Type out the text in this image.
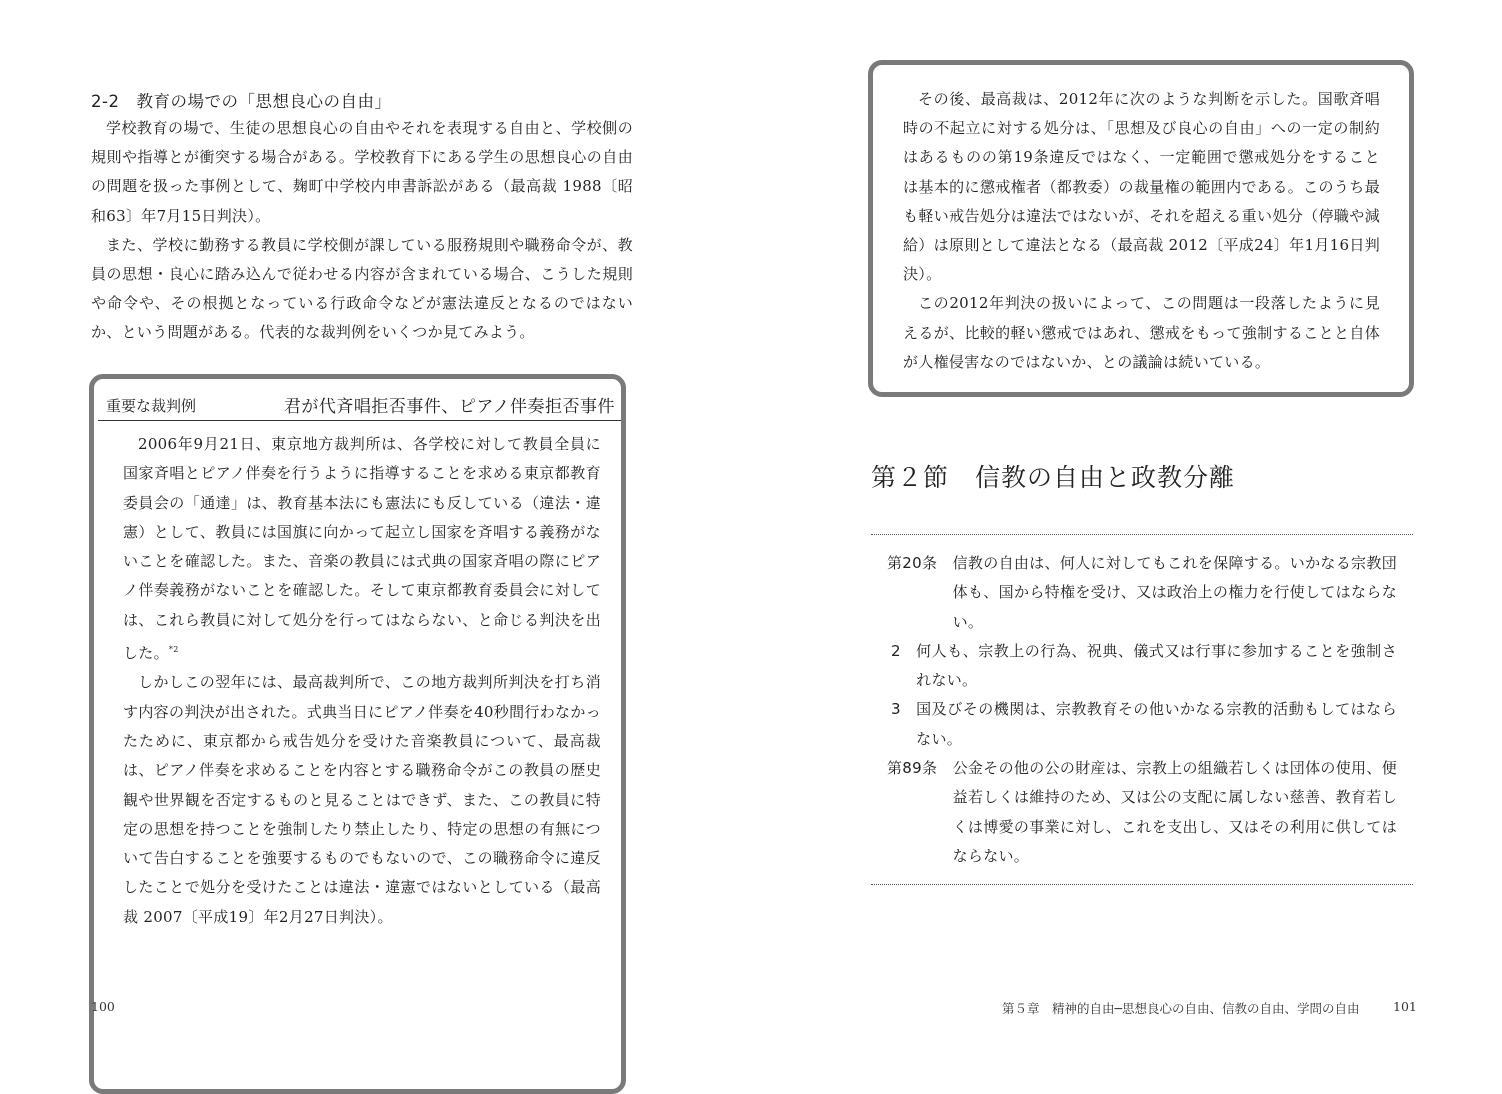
2-2　教育の場での「思想良心の自由」

学校教育の場で、生徒の思想良心の自由やそれを表現する自由と、学校側の規則や指導とが衝突する場合がある。学校教育下にある学生の思想良心の自由の問題を扱った事例として、麹町中学校内申書訴訟がある（最高裁 1988〔昭和63〕年7月15日判決）。

また、学校に勤務する教員に学校側が課している服務規則や職務命令が、教員の思想・良心に踏み込んで従わせる内容が含まれている場合、こうした規則や命令や、その根拠となっている行政命令などが憲法違反となるのではないか、という問題がある。代表的な裁判例をいくつか見てみよう。

重要な裁判例	君が代斉唱拒否事件、ピアノ伴奏拒否事件

2006年9月21日、東京地方裁判所は、各学校に対して教員全員に国家斉唱とピアノ伴奏を行うように指導することを求める東京都教育委員会の「通達」は、教育基本法にも憲法にも反している（違法・違憲）として、教員には国旗に向かって起立し国家を斉唱する義務がないことを確認した。また、音楽の教員には式典の国家斉唱の際にピアノ伴奏義務がないことを確認した。そして東京都教育委員会に対しては、これら教員に対して処分を行ってはならない、と命じる判決を出した。$^{*2}$

しかしこの翌年には、最高裁判所で、この地方裁判所判決を打ち消す内容の判決が出された。式典当日にピアノ伴奏を40秒間行わなかったために、東京都から戒告処分を受けた音楽教員について、最高裁は、ピアノ伴奏を求めることを内容とする職務命令がこの教員の歴史観や世界観を否定するものと見ることはできず、また、この教員に特定の思想を持つことを強制したり禁止したり、特定の思想の有無について告白することを強要するものでもないので、この職務命令に違反したことで処分を受けたことは違法・違憲ではないとしている（最高裁 2007〔平成19〕年2月27日判決）。

100

その後、最高裁は、2012年に次のような判断を示した。国歌斉唱時の不起立に対する処分は、「思想及び良心の自由」への一定の制約はあるものの第19条違反ではなく、一定範囲で懲戒処分をすることは基本的に懲戒権者（都教委）の裁量権の範囲内である。このうち最も軽い戒告処分は違法ではないが、それを超える重い処分（停職や減給）は原則として違法となる（最高裁 2012〔平成24〕年1月16日判決）。

この2012年判決の扱いによって、この問題は一段落したように見えるが、比較的軽い懲戒ではあれ、懲戒をもって強制することと自体が人権侵害なのではないか、との議論は続いている。

第２節　信教の自由と政教分離
第20条　 信教の自由は、何人に対してもこれを保障する。いかなる宗教団体も、国から特権を受け、又は政治上の権力を行使してはならない。
2　 何人も、宗教上の行為、祝典、儀式又は行事に参加することを強制されない。
3　 国及びその機関は、宗教教育その他いかなる宗教的活動もしてはならない。
第89条　 公金その他の公の財産は、宗教上の組織若しくは団体の使用、便益若しくは維持のため、又は公の支配に属しない慈善、教育若しくは博愛の事業に対し、これを支出し、又はその利用に供してはならない。
第５章　精神的自由─思想良心の自由、信教の自由、学問の自由	101
